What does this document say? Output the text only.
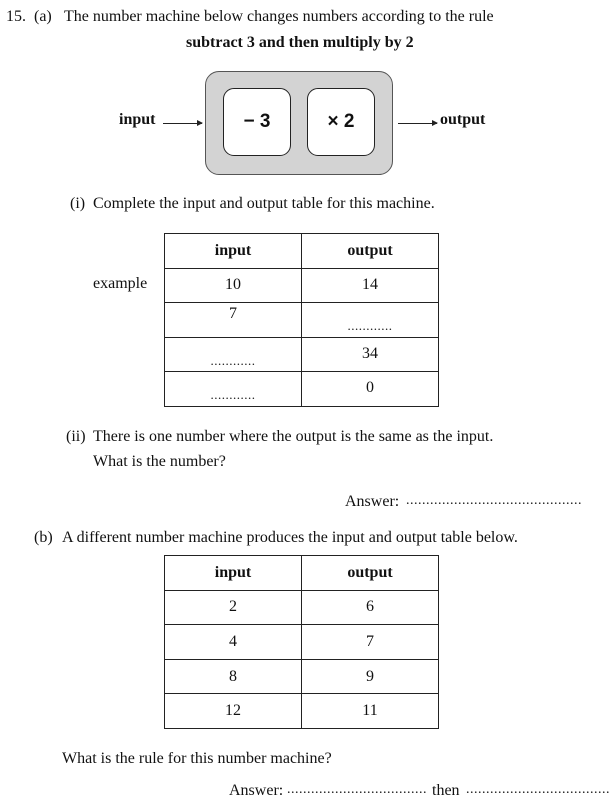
15. (a) The number machine below changes numbers according to the rule
subtract 3 and then multiply by 2
input	− 3	× 2	output
(i) Complete the input and output table for this machine.
example
input	output
10	14
7	$_{............}$
$_{............}$	34
$_{............}$	0
(ii) There is one number where the output is the same as the input.
What is the number?
Answer: ............................................
(b) A different number machine produces the input and output table below.
input	output
2	6
4	7
8	9
12	11
What is the rule for this number machine?
Answer: ................................... then ....................................
